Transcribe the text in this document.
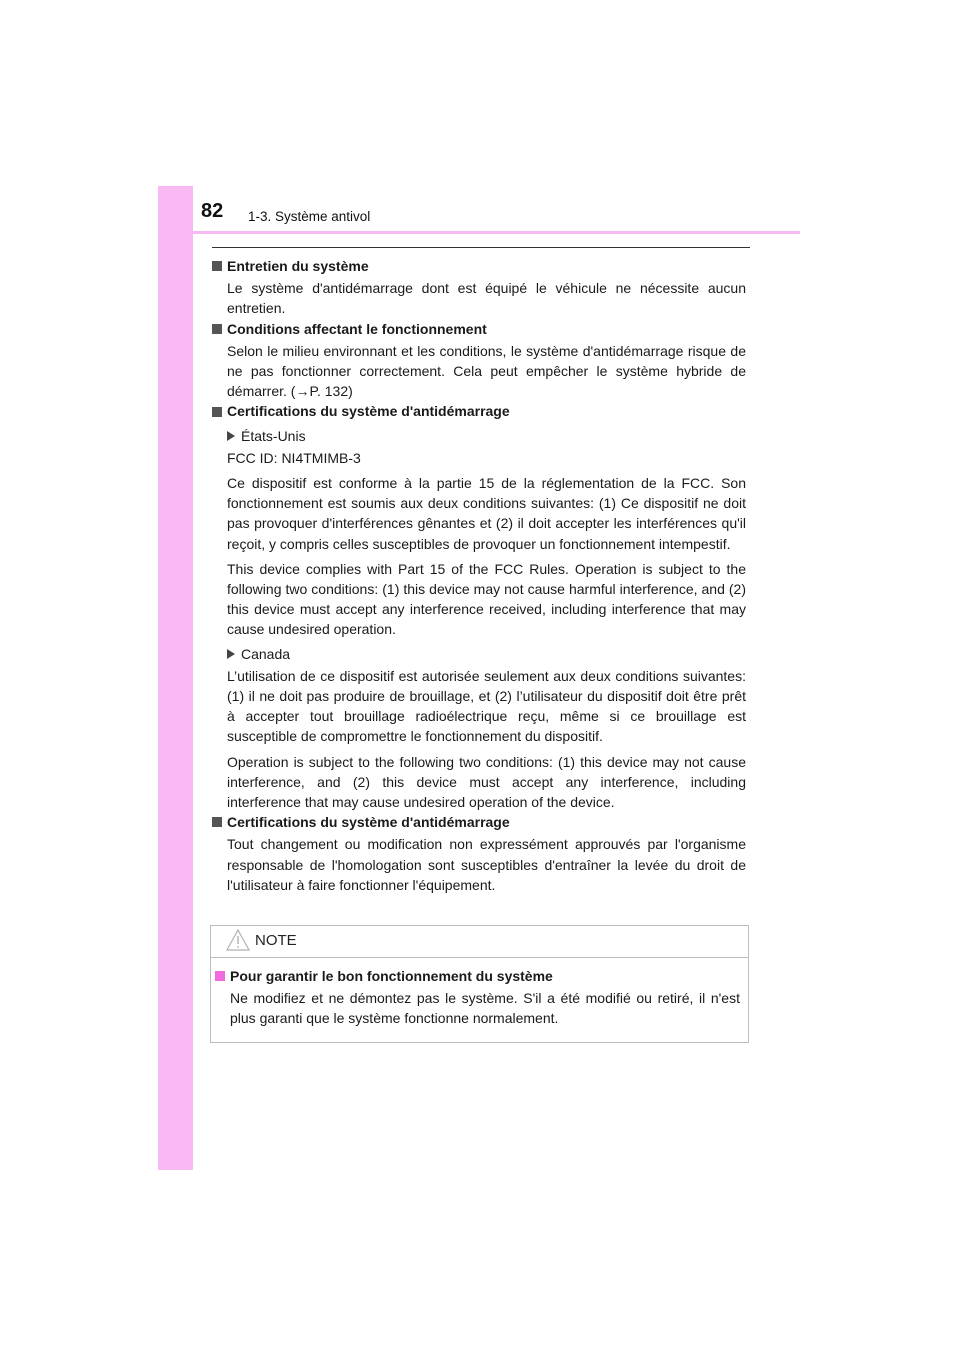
82 1-3. Système antivol
Entretien du système

Le système d'antidémarrage dont est équipé le véhicule ne nécessite aucun entretien.

Conditions affectant le fonctionnement

Selon le milieu environnant et les conditions, le système d'antidémarrage risque de ne pas fonctionner correctement. Cela peut empêcher le système hybride de démarrer. (→P. 132)

Certifications du système d'antidémarrage
États-Unis

FCC ID: NI4TMIMB-3

Ce dispositif est conforme à la partie 15 de la réglementation de la FCC. Son fonctionnement est soumis aux deux conditions suivantes: (1) Ce dispositif ne doit pas provoquer d'interférences gênantes et (2) il doit accepter les interférences qu'il reçoit, y compris celles susceptibles de provoquer un fonctionnement intempestif.

This device complies with Part 15 of the FCC Rules. Operation is subject to the following two conditions: (1) this device may not cause harmful interference, and (2) this device must accept any interference received, including interference that may cause undesired operation.

Canada

L’utilisation de ce dispositif est autorisée seulement aux deux conditions suivantes: (1) il ne doit pas produire de brouillage, et (2) l’utilisateur du dispositif doit être prêt à accepter tout brouillage radioélectrique reçu, même si ce brouillage est susceptible de compromettre le fonctionnement du dispositif.

Operation is subject to the following two conditions: (1) this device may not cause interference, and (2) this device must accept any interference, including interference that may cause undesired operation of the device.

Certifications du système d'antidémarrage

Tout changement ou modification non expressément approuvés par l'organisme responsable de l'homologation sont susceptibles d'entraîner la levée du droit de l'utilisateur à faire fonctionner l'équipement.

NOTE
Pour garantir le bon fonctionnement du système

Ne modifiez et ne démontez pas le système. S'il a été modifié ou retiré, il n'est plus garanti que le système fonctionne normalement.
